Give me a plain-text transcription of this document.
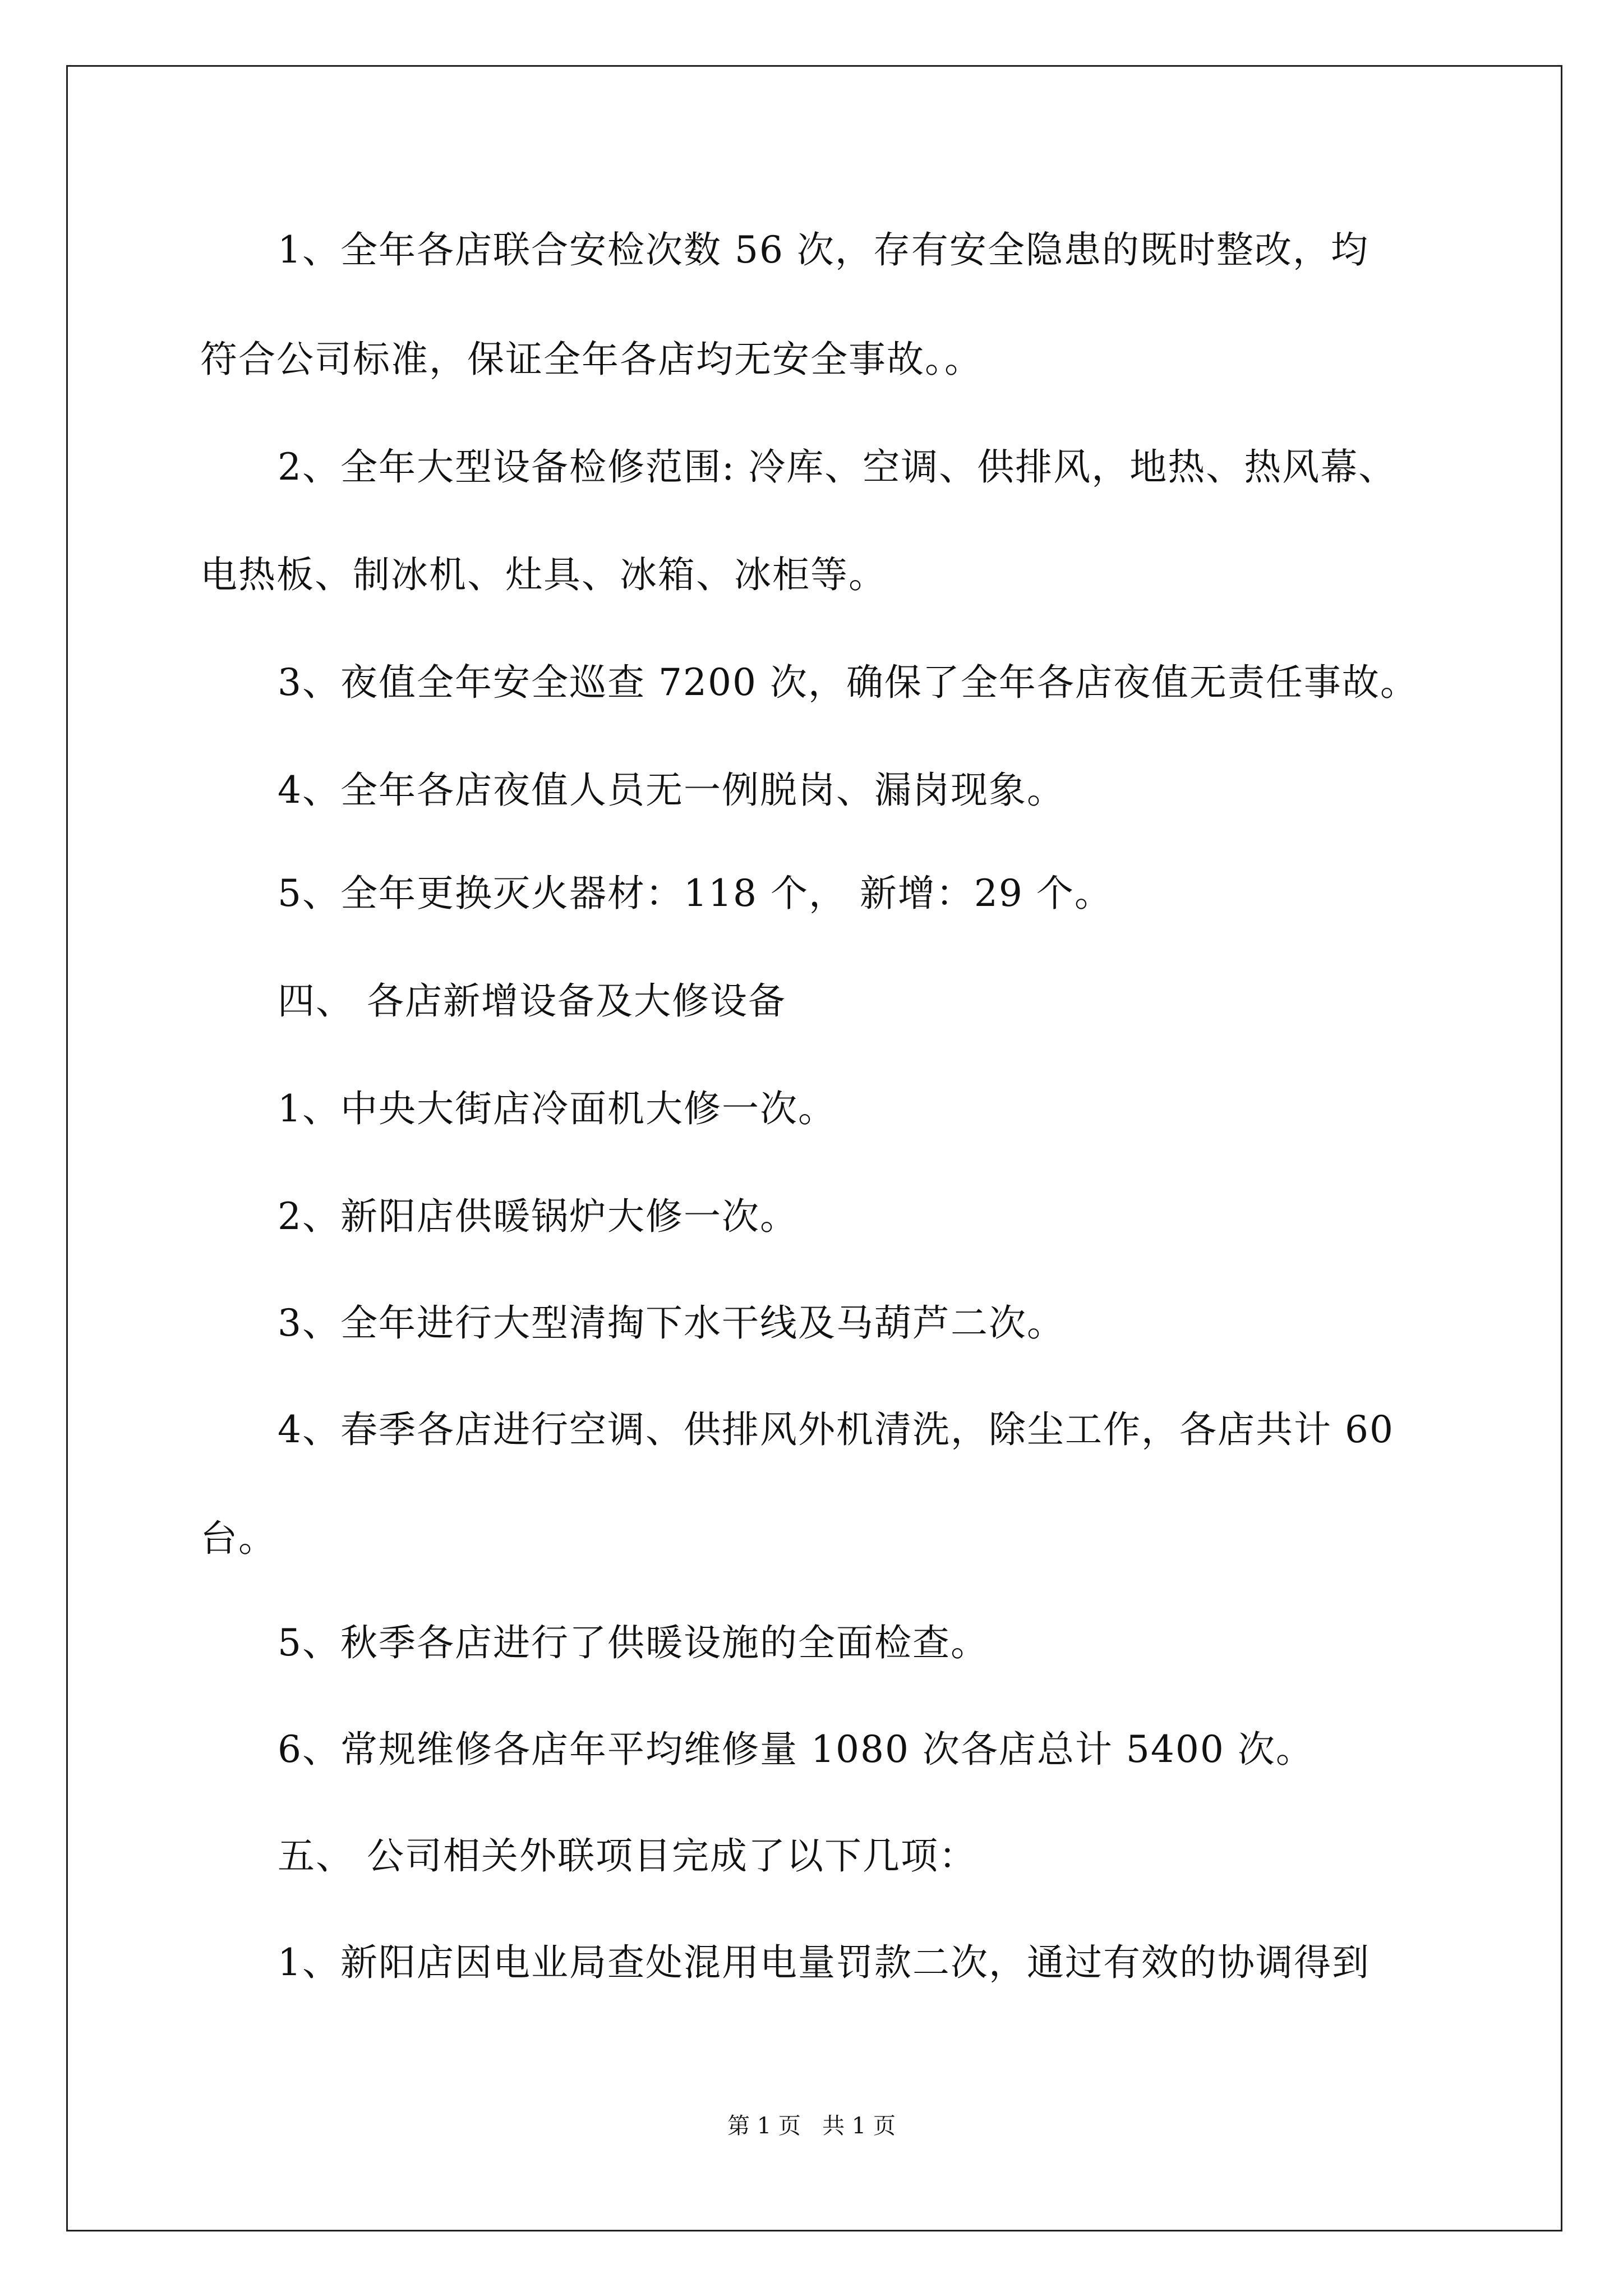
1、全年各店联合安检次数 56 次，存有安全隐患的既时整改，均
符合公司标准，保证全年各店均无安全事故。。
2、全年大型设备检修范围: 冷库、空调、供排风，地热、热风幕、
电热板、制冰机、灶具、冰箱、冰柜等。
3、夜值全年安全巡查 7200 次，确保了全年各店夜值无责任事故。
4、全年各店夜值人员无一例脱岗、漏岗现象。
5、全年更换灭火器材：118 个， 新增：29 个。
四、 各店新增设备及大修设备
1、中央大街店冷面机大修一次。
2、新阳店供暖锅炉大修一次。
3、全年进行大型清掏下水干线及马葫芦二次。
4、春季各店进行空调、供排风外机清洗，除尘工作，各店共计 60
台。
5、秋季各店进行了供暖设施的全面检查。
6、常规维修各店年平均维修量 1080 次各店总计 5400 次。
五、 公司相关外联项目完成了以下几项：
1、新阳店因电业局查处混用电量罚款二次，通过有效的协调得到
第 1 页   共 1 页
